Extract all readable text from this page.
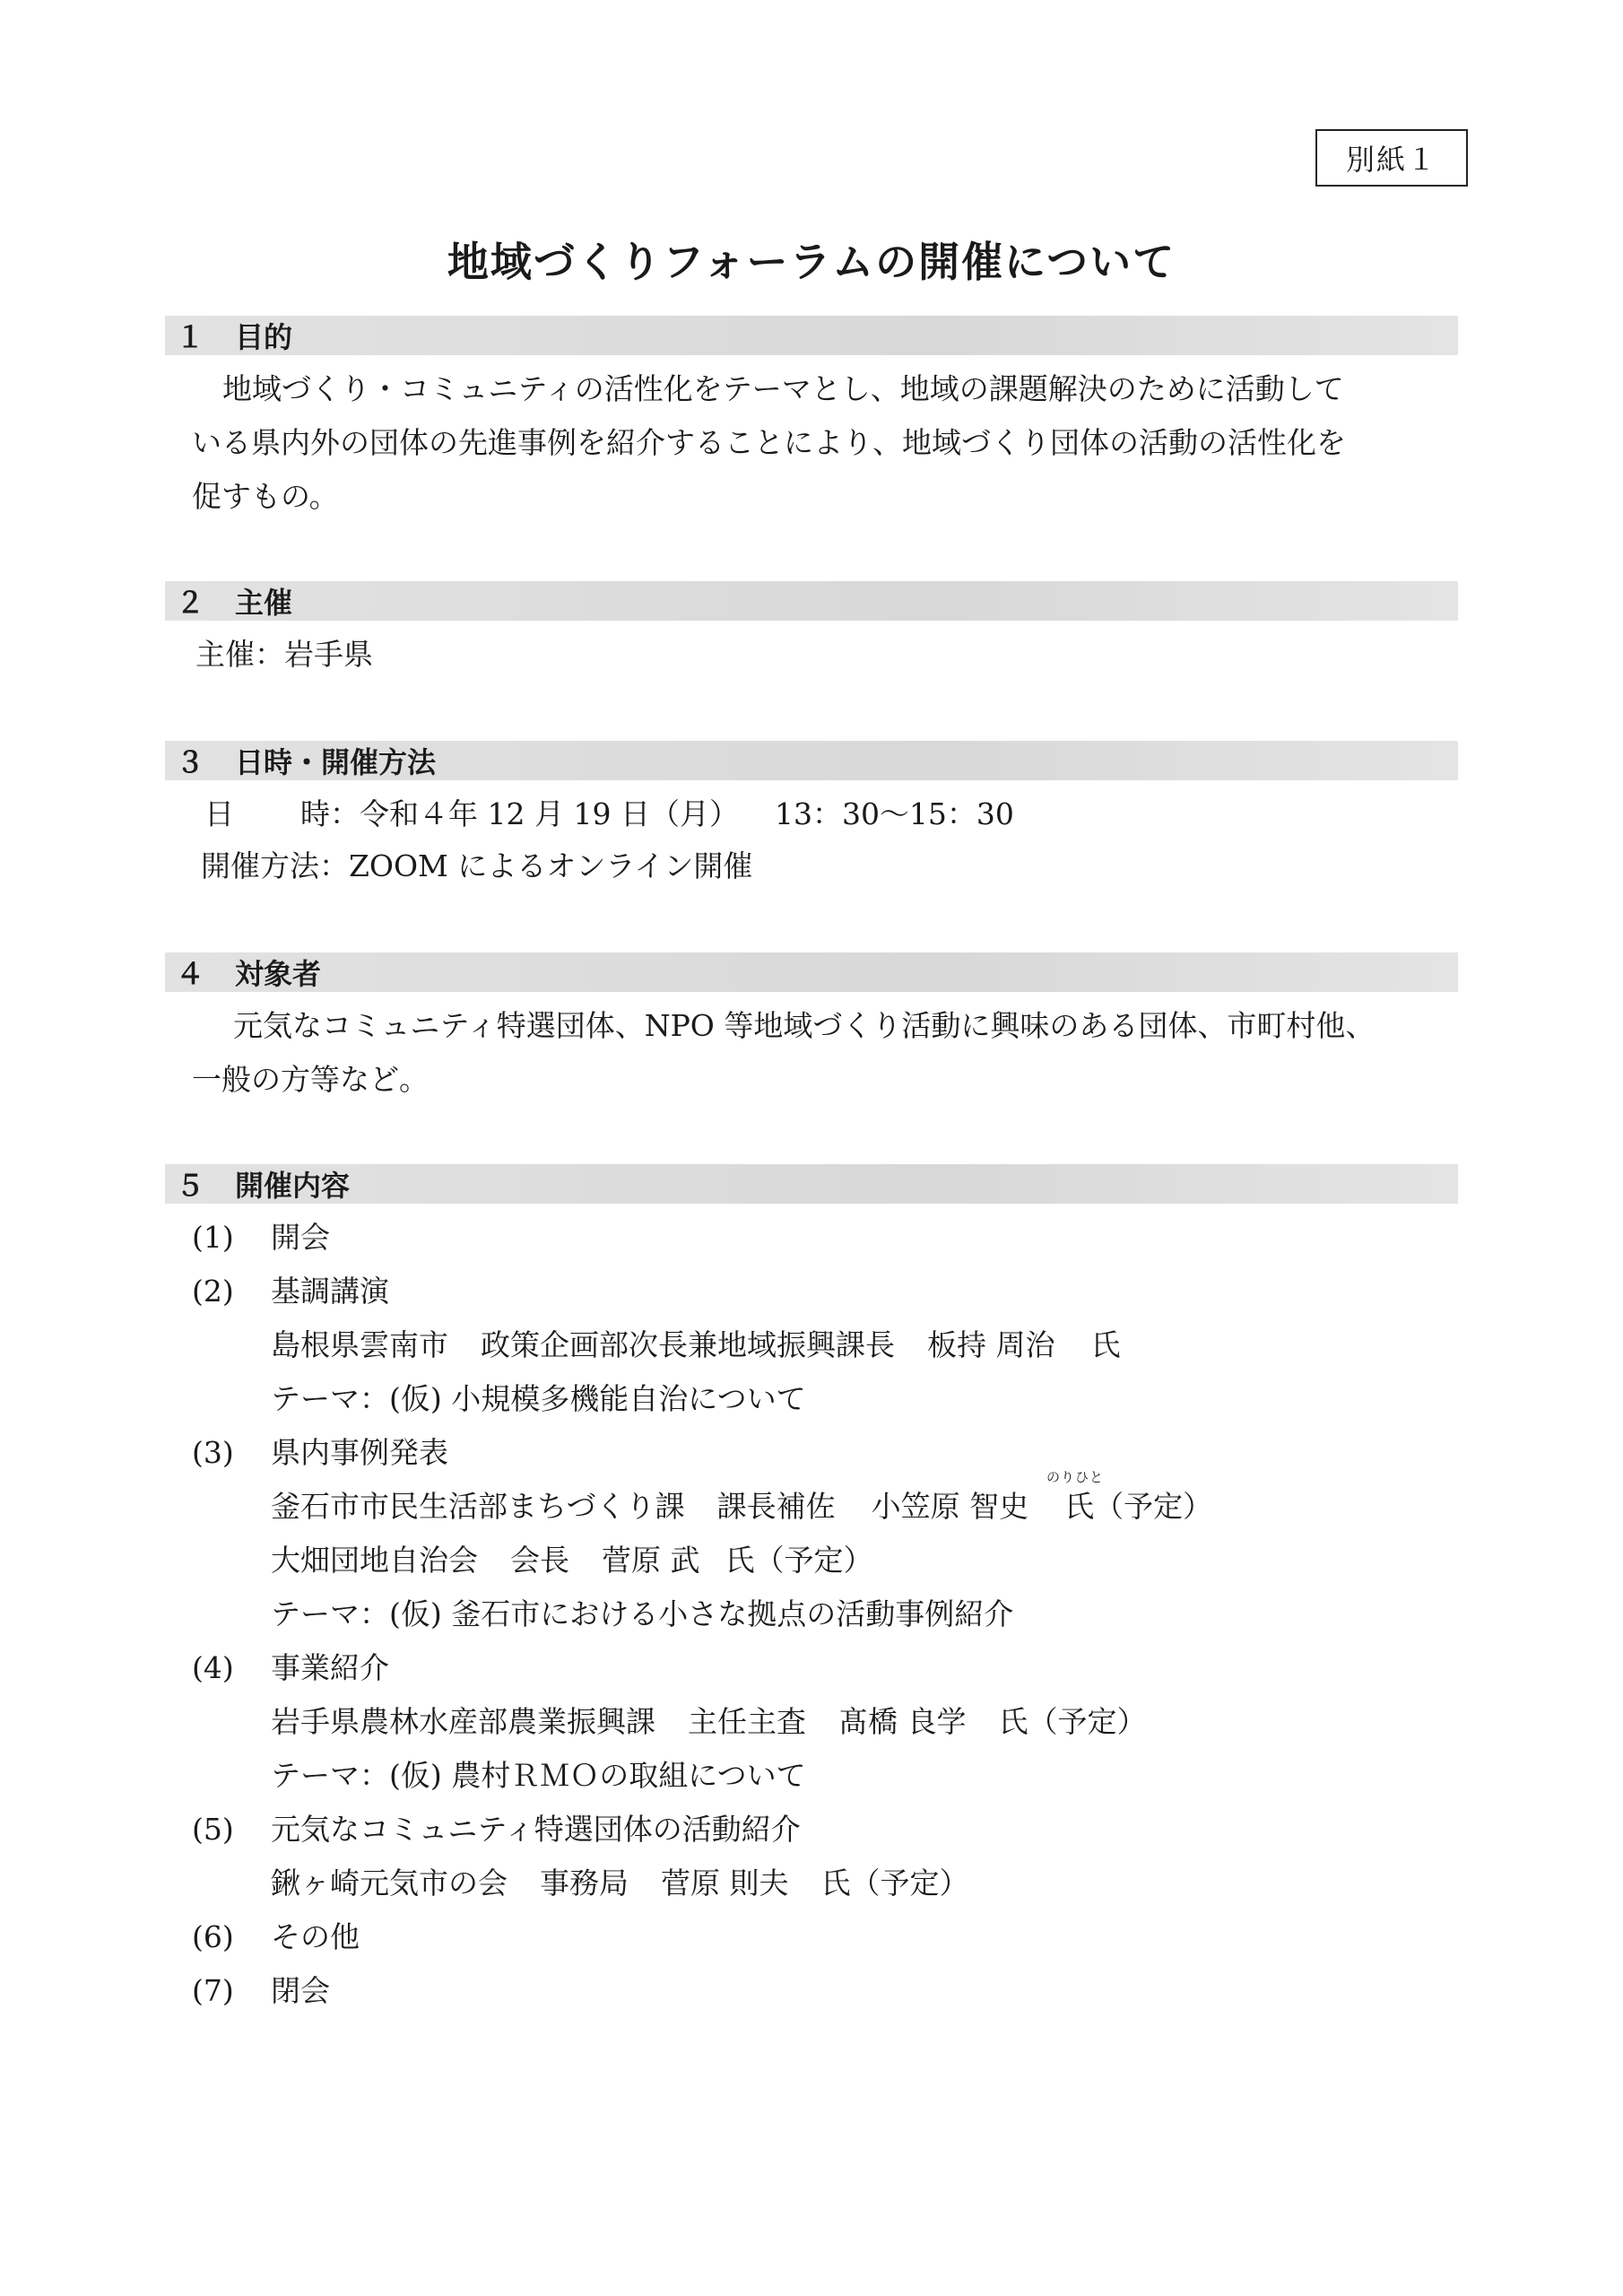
別紙１
地域づくりフォーラムの開催について
１	目的
地域づくり・コミュニティの活性化をテーマとし、地域の課題解決のために活動して
いる県内外の団体の先進事例を紹介することにより、地域づくり団体の活動の活性化を
促すもの。
２	主催
主催：岩手県
３	日時・開催方法
日 時：令和４年 12 月 19 日（月） 13：30～15：30
開催方法：ZOOM によるオンライン開催
４	対象者
元気なコミュニティ特選団体、NPO 等地域づくり活動に興味のある団体、市町村他、
一般の方等など。
５	開催内容
(1) 開会
(2) 基調講演
島根県雲南市 政策企画部次長兼地域振興課長 板持 周治 氏
テーマ：(仮) 小規模多機能自治について
(3) 県内事例発表
のりひと
釜石市市民生活部まちづくり課 課長補佐 小笠原 智史 氏（予定）
大畑団地自治会 会長 菅原 武 氏（予定）
テーマ：(仮) 釜石市における小さな拠点の活動事例紹介
(4) 事業紹介
岩手県農林水産部農業振興課 主任主査 髙橋 良学 氏（予定）
テーマ：(仮) 農村ＲＭＯの取組について
(5) 元気なコミュニティ特選団体の活動紹介
鍬ヶ崎元気市の会 事務局 菅原 則夫 氏（予定）
(6) その他
(7) 閉会
